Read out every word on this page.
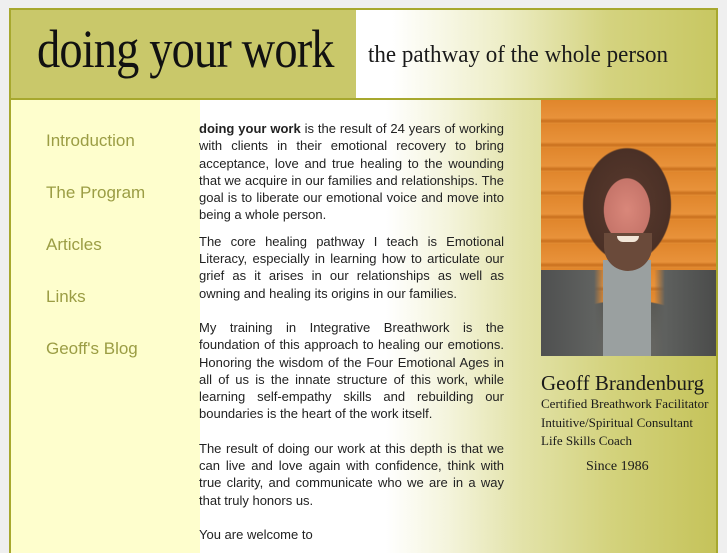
doing your work the pathway of the whole person
Introduction
The Program
Articles
Links
Geoff's Blog
Geoff Brandenburg
Certified Breathwork Facilitator
Intuitive/Spiritual Consultant
Life Skills Coach
Since 1986

doing your work is the result of 24 years of working with clients in their emotional recovery to bring acceptance, love and true healing to the wounding that we acquire in our families and relationships. The goal is to liberate our emotional voice and move into being a whole person.

The core healing pathway I teach is Emotional Literacy, especially in learning how to articulate our grief as it arises in our relationships as well as owning and healing its origins in our families.

My training in Integrative Breathwork is the foundation of this approach to healing our emotions. Honoring the wisdom of the Four Emotional Ages in all of us is the innate structure of this work, while learning self-empathy skills and rebuilding our boundaries is the heart of the work itself.

The result of doing our work at this depth is that we can live and love again with confidence, think with true clarity, and communicate who we are in a way that truly honors us.

You are welcome to
